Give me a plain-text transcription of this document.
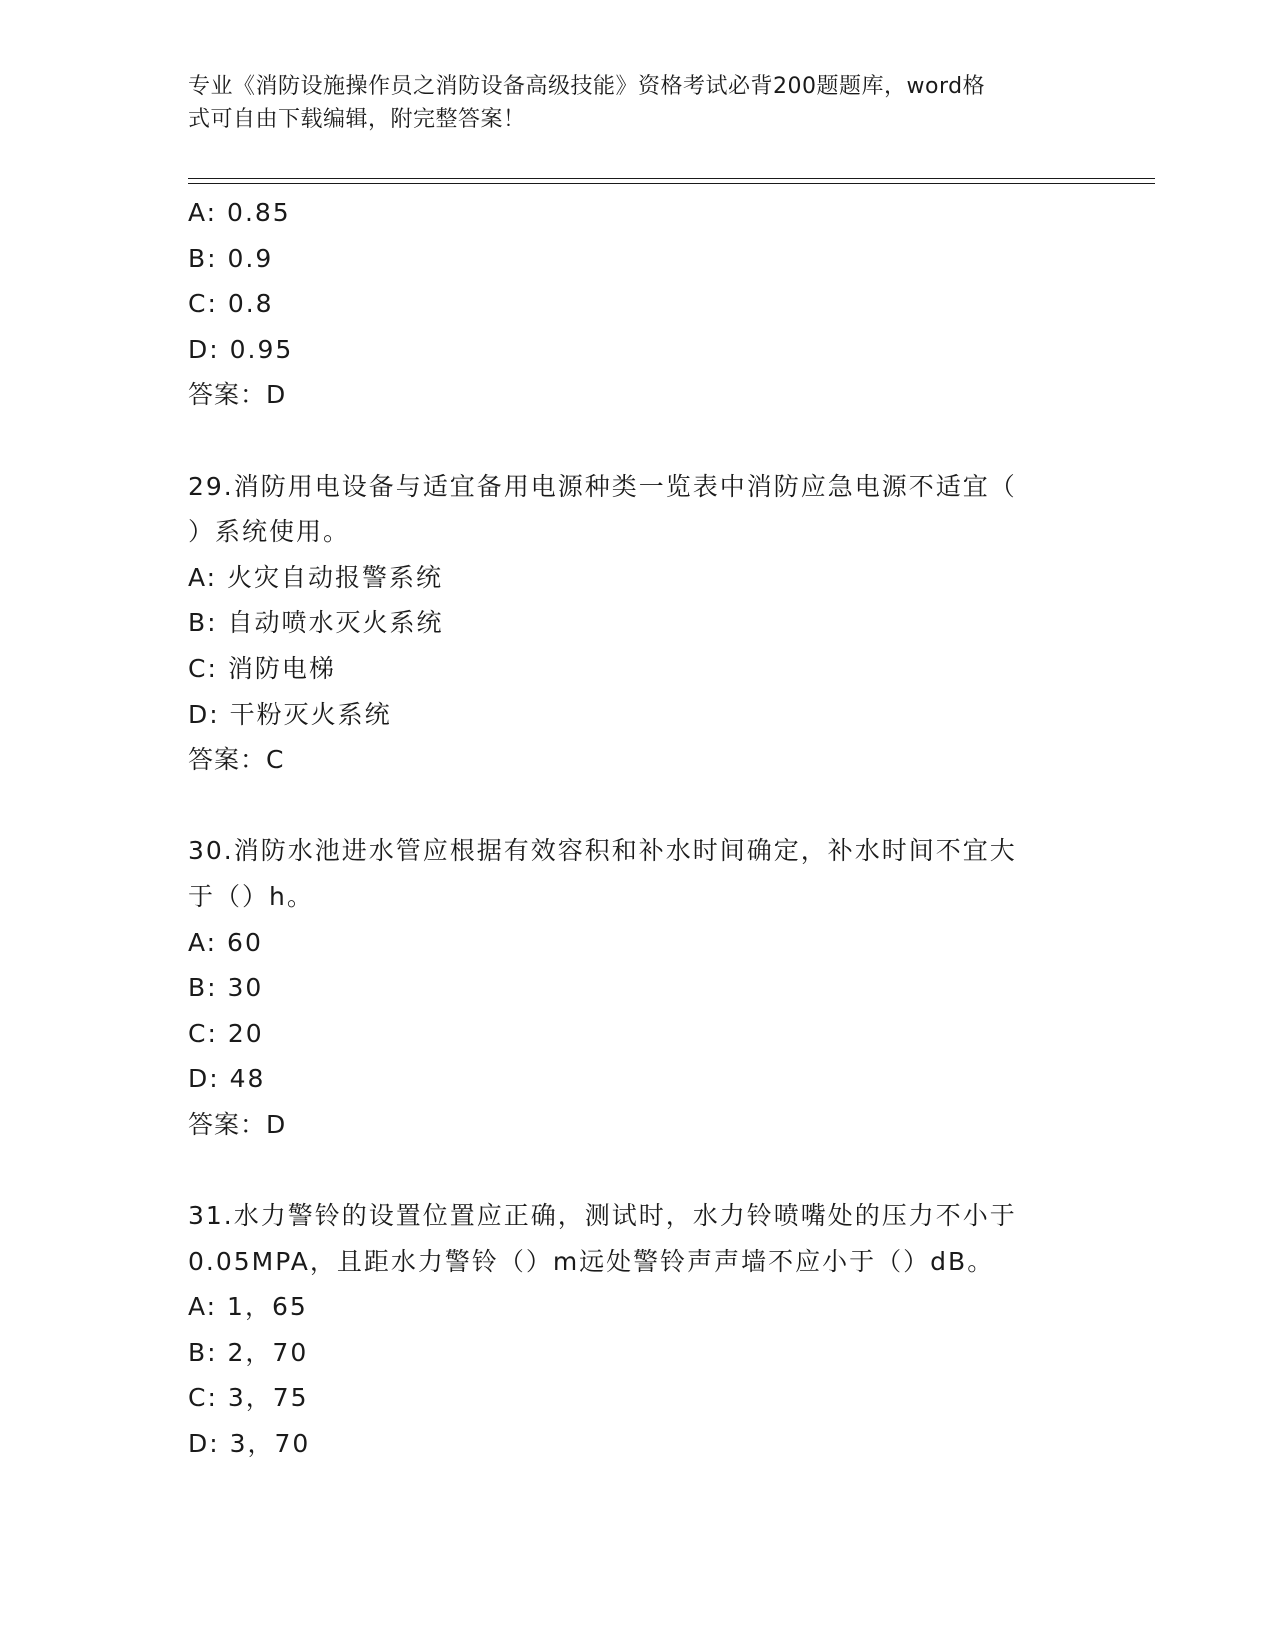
专业《消防设施操作员之消防设备高级技能》资格考试必背200题题库，word格
式可自由下载编辑，附完整答案！
A: 0.85
B: 0.9
C: 0.8
D: 0.95
答案：D
29.消防用电设备与适宜备用电源种类一览表中消防应急电源不适宜（
）系统使用。
A: 火灾自动报警系统
B: 自动喷水灭火系统
C: 消防电梯
D: 干粉灭火系统
答案：C
30.消防水池进水管应根据有效容积和补水时间确定，补水时间不宜大
于（）h。
A: 60
B: 30
C: 20
D: 48
答案：D
31.水力警铃的设置位置应正确，测试时，水力铃喷嘴处的压力不小于
0.05MPA，且距水力警铃（）m远处警铃声声墙不应小于（）dB。
A: 1，65
B: 2，70
C: 3，75
D: 3，70
